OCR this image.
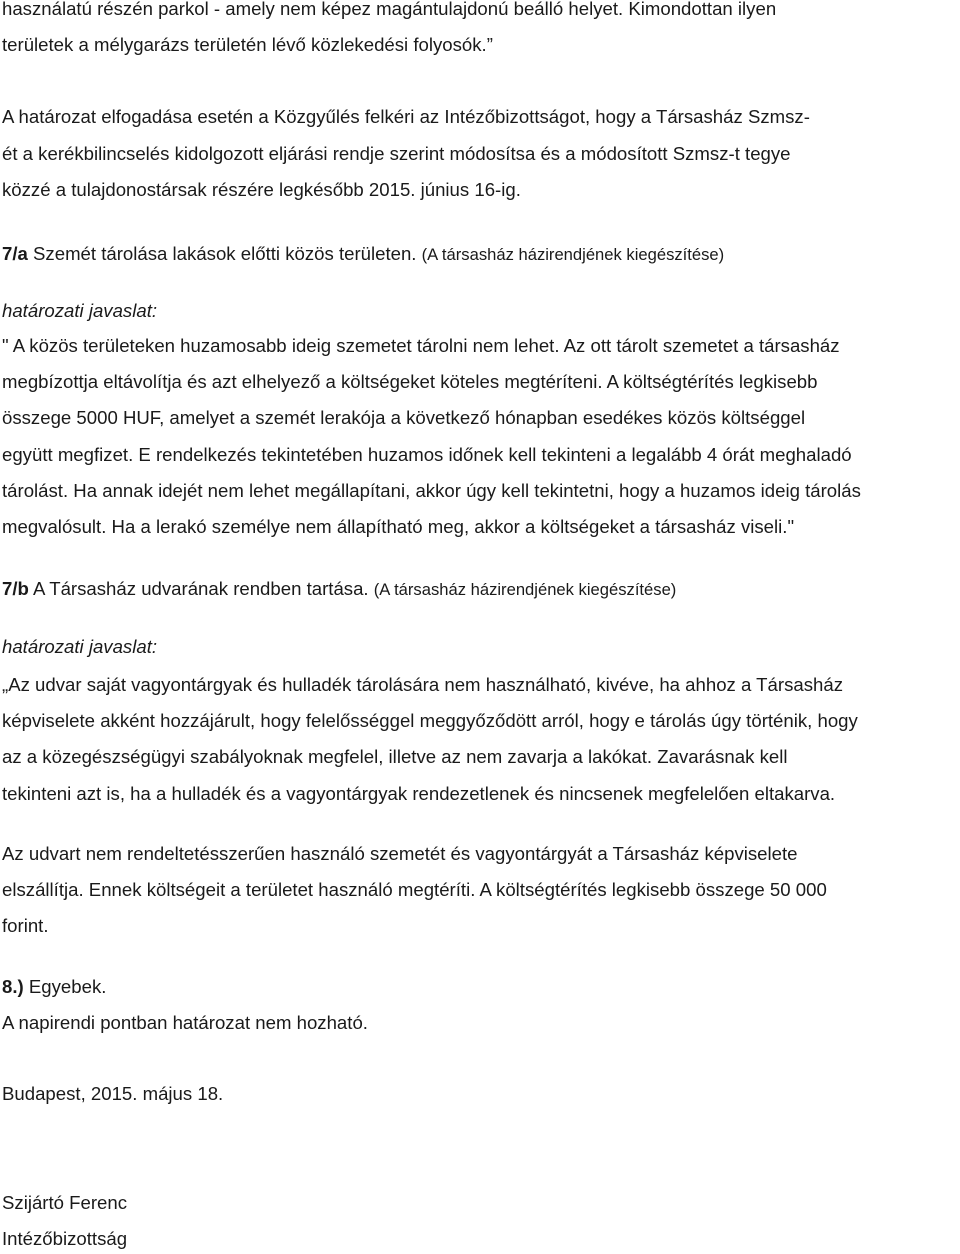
használatú részén parkol - amely nem képez magántulajdonú beálló helyet. Kimondottan ilyen
területek a mélygarázs területén lévő közlekedési folyosók.”
A határozat elfogadása esetén a Közgyűlés felkéri az Intézőbizottságot, hogy a Társasház Szmsz-
ét a kerékbilincselés kidolgozott eljárási rendje szerint módosítsa és a módosított Szmsz-t tegye
közzé a tulajdonostársak részére legkésőbb 2015. június 16-ig.
7/a Szemét tárolása lakások előtti közös területen. (A társasház házirendjének kiegészítése)
határozati javaslat:
" A közös területeken huzamosabb ideig szemetet tárolni nem lehet. Az ott tárolt szemetet a társasház
megbízottja eltávolítja és azt elhelyező a költségeket köteles megtéríteni. A költségtérítés legkisebb
összege 5000 HUF, amelyet a szemét lerakója a következő hónapban esedékes közös költséggel
együtt megfizet. E rendelkezés tekintetében huzamos időnek kell tekinteni a legalább 4 órát meghaladó
tárolást. Ha annak idejét nem lehet megállapítani, akkor úgy kell tekintetni, hogy a huzamos ideig tárolás
megvalósult. Ha a lerakó személye nem állapítható meg, akkor a költségeket a társasház viseli."
7/b A Társasház udvarának rendben tartása. (A társasház házirendjének kiegészítése)
határozati javaslat:
„Az udvar saját vagyontárgyak és hulladék tárolására nem használható, kivéve, ha ahhoz a Társasház
képviselete akként hozzájárult, hogy felelősséggel meggyőződött arról, hogy e tárolás úgy történik, hogy
az a közegészségügyi szabályoknak megfelel, illetve az nem zavarja a lakókat. Zavarásnak kell
tekinteni azt is, ha a hulladék és a vagyontárgyak rendezetlenek és nincsenek megfelelően eltakarva.
Az udvart nem rendeltetésszerűen használó szemetét és vagyontárgyát a Társasház képviselete
elszállítja. Ennek költségeit a területet használó megtéríti. A költségtérítés legkisebb összege 50 000
forint.
8.) Egyebek.
A napirendi pontban határozat nem hozható.
Budapest, 2015. május 18.
Szijártó Ferenc
Intézőbizottság
